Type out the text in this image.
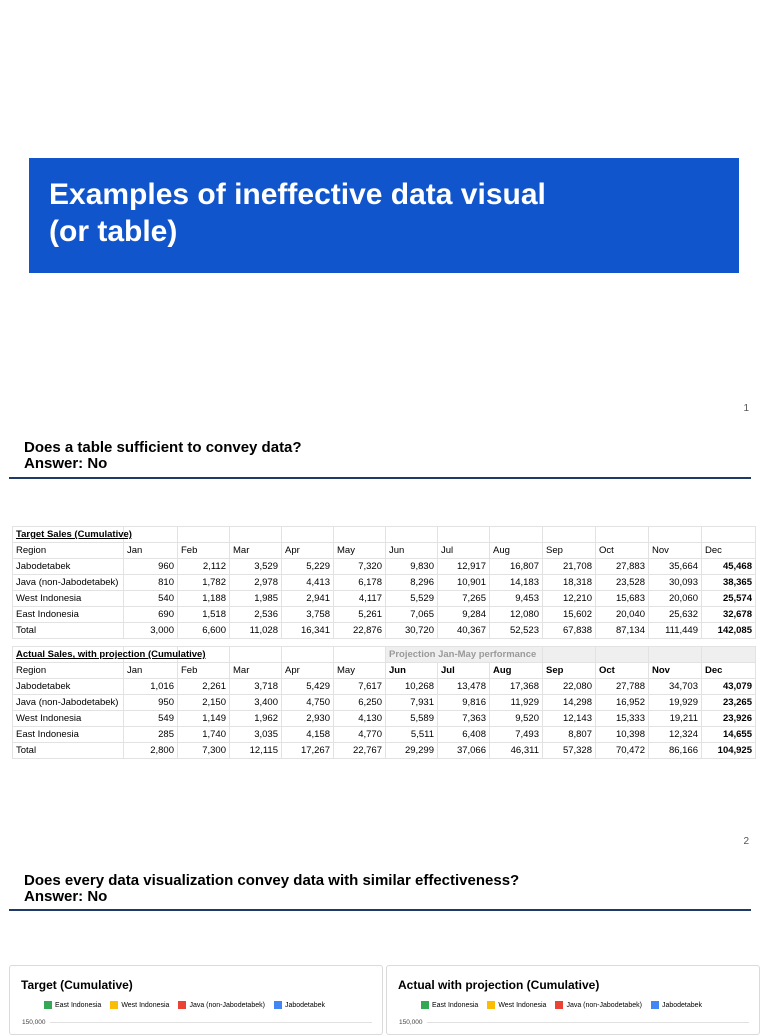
Examples of ineffective data visual
(or table)
1
Does a table sufficient to convey data?
Answer: No
Target Sales (Cumulative)												
Region	Jan	Feb	Mar	Apr	May	Jun	Jul	Aug	Sep	Oct	Nov	Dec
Jabodetabek	960	2,112	3,529	5,229	7,320	9,830	12,917	16,807	21,708	27,883	35,664	45,468
Java (non-Jabodetabek)	810	1,782	2,978	4,413	6,178	8,296	10,901	14,183	18,318	23,528	30,093	38,365
West Indonesia	540	1,188	1,985	2,941	4,117	5,529	7,265	9,453	12,210	15,683	20,060	25,574
East Indonesia	690	1,518	2,536	3,758	5,261	7,065	9,284	12,080	15,602	20,040	25,632	32,678
Total	3,000	6,600	11,028	16,341	22,876	30,720	40,367	52,523	67,838	87,134	111,449	142,085

Actual Sales, with projection (Cumulative)						Projection Jan-May performance						
Region	Jan	Feb	Mar	Apr	May	Jun	Jul	Aug	Sep	Oct	Nov	Dec
Jabodetabek	1,016	2,261	3,718	5,429	7,617	10,268	13,478	17,368	22,080	27,788	34,703	43,079
Java (non-Jabodetabek)	950	2,150	3,400	4,750	6,250	7,931	9,816	11,929	14,298	16,952	19,929	23,265
West Indonesia	549	1,149	1,962	2,930	4,130	5,589	7,363	9,520	12,143	15,333	19,211	23,926
East Indonesia	285	1,740	3,035	4,158	4,770	5,511	6,408	7,493	8,807	10,398	12,324	14,655
Total	2,800	7,300	12,115	17,267	22,767	29,299	37,066	46,311	57,328	70,472	86,166	104,925
2
Does every data visualization convey data with similar effectiveness?
Answer: No
Target (Cumulative)
East Indonesia	West Indonesia	Java (non-Jabodetabek)	Jabodetabek
150,000
Actual with projection (Cumulative)
East Indonesia	West Indonesia	Java (non-Jabodetabek)	Jabodetabek
150,000
